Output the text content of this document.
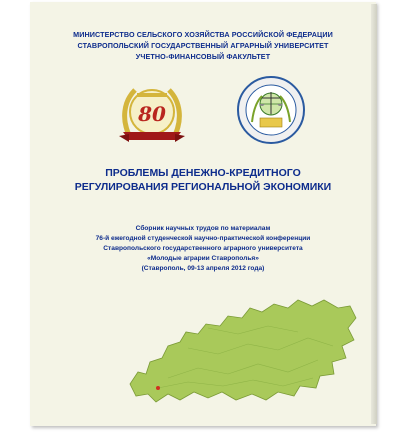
МИНИСТЕРСТВО СЕЛЬСКОГО ХОЗЯЙСТВА РОССИЙСКОЙ ФЕДЕРАЦИИ
СТАВРОПОЛЬСКИЙ ГОСУДАРСТВЕННЫЙ АГРАРНЫЙ УНИВЕРСИТЕТ
УЧЕТНО-ФИНАНСОВЫЙ ФАКУЛЬТЕТ
80
ПРОБЛЕМЫ ДЕНЕЖНО-КРЕДИТНОГО
РЕГУЛИРОВАНИЯ РЕГИОНАЛЬНОЙ ЭКОНОМИКИ
Сборник научных трудов по материалам
76-й ежегодной студенческой научно-практической конференции
Ставропольского государственного аграрного университета
«Молодые аграрии Ставрополья»
(Ставрополь, 09-13 апреля 2012 года)
